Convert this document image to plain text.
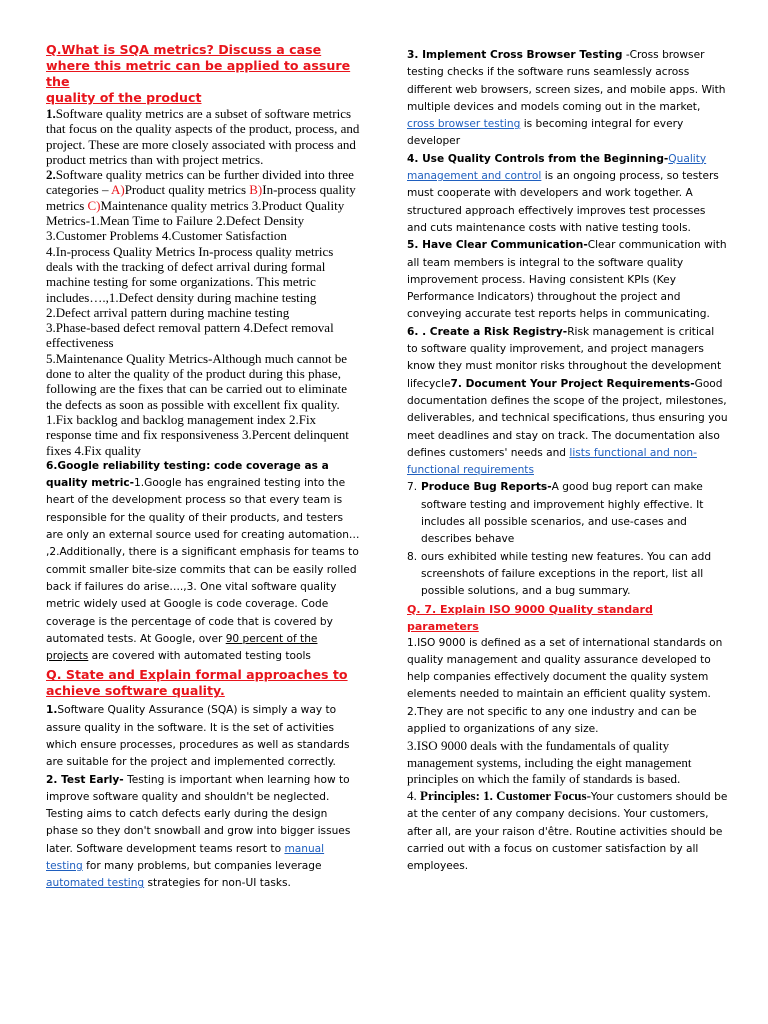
Q.What is SQA metrics? Discuss a case
where this metric can be applied to assure the
quality of the product

1.Software quality metrics are a subset of software metrics that focus on the quality aspects of the product, process, and project. These are more closely associated with process and product metrics than with project metrics.

2.Software quality metrics can be further divided into three categories – A)Product quality metrics B)In-process quality metrics C)Maintenance quality metrics 3.Product Quality Metrics-1.Mean Time to Failure 2.Defect Density 3.Customer Problems 4.Customer Satisfaction

4.In-process Quality Metrics In-process quality metrics deals with the tracking of defect arrival during formal machine testing for some organizations. This metric includes….,1.Defect density during machine testing 2.Defect arrival pattern during machine testing

3.Phase-based defect removal pattern 4.Defect removal effectiveness

5.Maintenance Quality Metrics-Although much cannot be done to alter the quality of the product during this phase, following are the fixes that can be carried out to eliminate the defects as soon as possible with excellent fix quality.

1.Fix backlog and backlog management index 2.Fix response time and fix responsiveness 3.Percent delinquent fixes 4.Fix quality

6.Google reliability testing: code coverage as a quality metric-1.Google has engrained testing into the heart of the development process so that every team is responsible for the quality of their products, and testers are only an external source used for creating automation… ,2.Additionally, there is a significant emphasis for teams to commit smaller bite-size commits that can be easily rolled back if failures do arise….,3. One vital software quality metric widely used at Google is code coverage. Code coverage is the percentage of code that is covered by automated tests. At Google, over 90 percent of the projects are covered with automated testing tools

Q. State and Explain formal approaches to
achieve software quality.

1.Software Quality Assurance (SQA) is simply a way to assure quality in the software. It is the set of activities which ensure processes, procedures as well as standards are suitable for the project and implemented correctly.

2. Test Early- Testing is important when learning how to improve software quality and shouldn't be neglected. Testing aims to catch defects early during the design phase so they don't snowball and grow into bigger issues later. Software development teams resort to manual testing for many problems, but companies leverage automated testing strategies for non-UI tasks.

3. Implement Cross Browser Testing -Cross browser testing checks if the software runs seamlessly across different web browsers, screen sizes, and mobile apps. With multiple devices and models coming out in the market, cross browser testing is becoming integral for every developer

4. Use Quality Controls from the Beginning-Quality management and control is an ongoing process, so testers must cooperate with developers and work together. A structured approach effectively improves test processes and cuts maintenance costs with native testing tools.

5. Have Clear Communication-Clear communication with all team members is integral to the software quality improvement process. Having consistent KPIs (Key Performance Indicators) throughout the project and conveying accurate test reports helps in communicating.

6. . Create a Risk Registry-Risk management is critical to software quality improvement, and project managers know they must monitor risks throughout the development lifecycle7. Document Your Project Requirements-Good documentation defines the scope of the project, milestones, deliverables, and technical specifications, thus ensuring you meet deadlines and stay on track. The documentation also defines customers' needs and lists functional and non-functional requirements

7. Produce Bug Reports-A good bug report can make software testing and improvement highly effective. It includes all possible scenarios, and use-cases and describes behave

8. ours exhibited while testing new features. You can add screenshots of failure exceptions in the report, list all possible solutions, and a bug summary.

Q. 7. Explain ISO 9000 Quality standard parameters

1.ISO 9000 is defined as a set of international standards on quality management and quality assurance developed to help companies effectively document the quality system elements needed to maintain an efficient quality system.

2.They are not specific to any one industry and can be applied to organizations of any size.

3.ISO 9000 deals with the fundamentals of quality management systems, including the eight management principles on which the family of standards is based.

4. Principles: 1. Customer Focus-Your customers should be at the center of any company decisions. Your customers, after all, are your raison d'être. Routine activities should be carried out with a focus on customer satisfaction by all employees.
